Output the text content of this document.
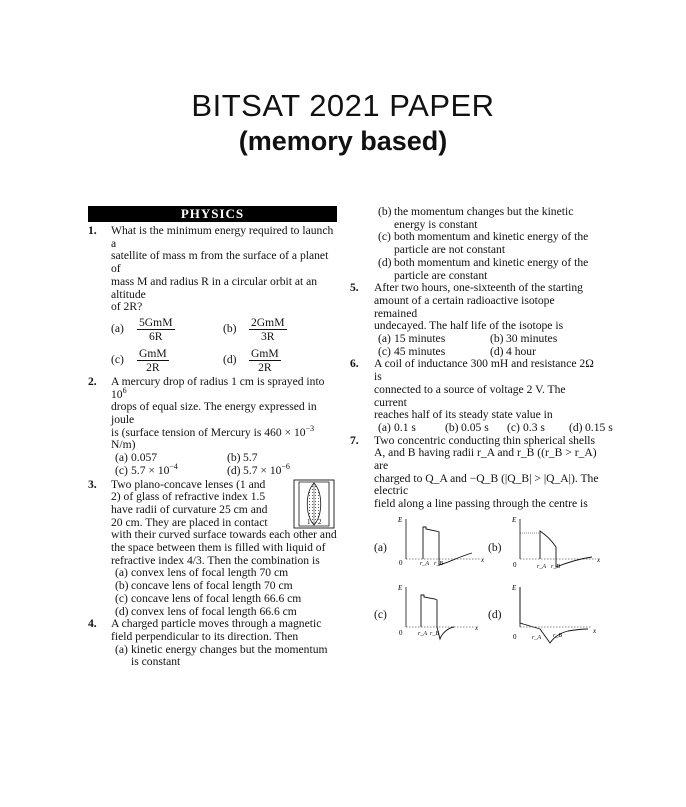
BITSAT 2021 PAPER
(memory based)
PHYSICS
1. What is the minimum energy required to launch a
satellite of mass m from the surface of a planet of
mass M and radius R in a circular orbit at an altitude
of 2R?
(a)	$\frac{\text{5GmM}}{6R}$	(b)	$\frac{\text{2GmM}}{3R}$
(c)	$\frac{\text{GmM}}{2R}$	(d)	$\frac{\text{GmM}}{2R}$
2. A mercury drop of radius 1 cm is sprayed into $10^6$
drops of equal size. The energy expressed in joule
is (surface tension of Mercury is $460 \times 10^{-3}$ N/m)
(a) 0.057	(b) 5.7
(c) $5.7 \times 10^{-4}$	(d) $5.7 \times 10^{-6}$
3.
1 2
Two plano-concave lenses (1 and
2) of glass of refractive index 1.5
have radii of curvature 25 cm and
20 cm. They are placed in contact
with their curved surface towards each other and
the space between them is filled with liquid of
refractive index 4/3. Then the combination is
(a) convex lens of focal length 70 cm
(b) concave lens of focal length 70 cm
(c) concave lens of focal length 66.6 cm
(d) convex lens of focal length 66.6 cm
4. A charged particle moves through a magnetic
field perpendicular to its direction. Then
(a) kinetic energy changes but the momentum
is constant
(b) the momentum changes but the kinetic
energy is constant
(c) both momentum and kinetic energy of the
particle are not constant
(d) both momentum and kinetic energy of the
particle are constant
5. After two hours, one-sixteenth of the starting
amount of a certain radioactive isotope remained
undecayed. The half life of the isotope is
(a) 15 minutes	(b) 30 minutes
(c) 45 minutes	(d) 4 hour
6. A coil of inductance 300 mH and resistance 2Ω is
connected to a source of voltage 2 V. The current
reaches half of its steady state value in
(a) 0.1 s	(b) 0.05 s	(c) 0.3 s	(d) 0.15 s
7. Two concentric conducting thin spherical shells
A, and B having radii r_A and r_B ((r_B > r_A) are
charged to Q_A and −Q_B (|Q_B| > |Q_A|). The electric
field along a line passing through the centre is
(a)	(b)
(c)	(d)
E
0	x
r_A r_B
E
0
x
r_A r_B
E
0
x
r_A r_B
E
0
x
r_A r_B
